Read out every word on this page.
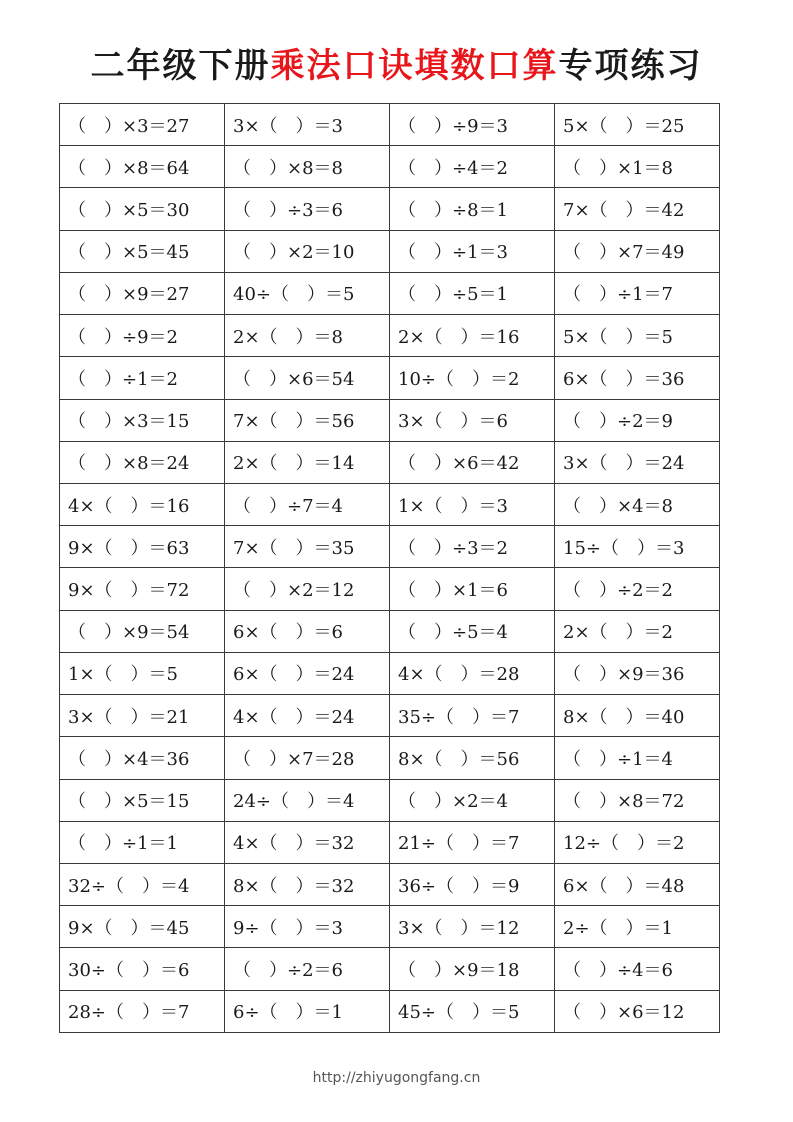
二年级下册乘法口诀填数口算专项练习
（　）×3＝27	3×（　）＝3	（　）÷9＝3	5×（　）＝25
（　）×8＝64	（　）×8＝8	（　）÷4＝2	（　）×1＝8
（　）×5＝30	（　）÷3＝6	（　）÷8＝1	7×（　）＝42
（　）×5＝45	（　）×2＝10	（　）÷1＝3	（　）×7＝49
（　）×9＝27	40÷（　）＝5	（　）÷5＝1	（　）÷1＝7
（　）÷9＝2	2×（　）＝8	2×（　）＝16	5×（　）＝5
（　）÷1＝2	（　）×6＝54	10÷（　）＝2	6×（　）＝36
（　）×3＝15	7×（　）＝56	3×（　）＝6	（　）÷2＝9
（　）×8＝24	2×（　）＝14	（　）×6＝42	3×（　）＝24
4×（　）＝16	（　）÷7＝4	1×（　）＝3	（　）×4＝8
9×（　）＝63	7×（　）＝35	（　）÷3＝2	15÷（　）＝3
9×（　）＝72	（　）×2＝12	（　）×1＝6	（　）÷2＝2
（　）×9＝54	6×（　）＝6	（　）÷5＝4	2×（　）＝2
1×（　）＝5	6×（　）＝24	4×（　）＝28	（　）×9＝36
3×（　）＝21	4×（　）＝24	35÷（　）＝7	8×（　）＝40
（　）×4＝36	（　）×7＝28	8×（　）＝56	（　）÷1＝4
（　）×5＝15	24÷（　）＝4	（　）×2＝4	（　）×8＝72
（　）÷1＝1	4×（　）＝32	21÷（　）＝7	12÷（　）＝2
32÷（　）＝4	8×（　）＝32	36÷（　）＝9	6×（　）＝48
9×（　）＝45	9÷（　）＝3	3×（　）＝12	2÷（　）＝1
30÷（　）＝6	（　）÷2＝6	（　）×9＝18	（　）÷4＝6
28÷（　）＝7	6÷（　）＝1	45÷（　）＝5	（　）×6＝12
http://zhiyugongfang.cn
